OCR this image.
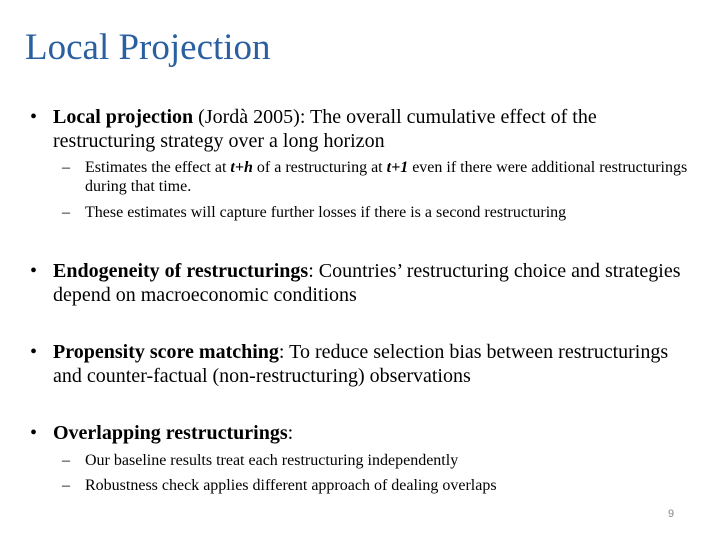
Local Projection
• Local projection (Jordà 2005): The overall cumulative effect of the restructuring strategy over a long horizon
– Estimates the effect at t+h of a restructuring at t+1 even if there were additional restructurings during that time.
– These estimates will capture further losses if there is a second restructuring
• Endogeneity of restructurings: Countries’ restructuring choice and strategies depend on macroeconomic conditions
• Propensity score matching: To reduce selection bias between restructurings and counter-factual (non-restructuring) observations
• Overlapping restructurings:
– Our baseline results treat each restructuring independently
– Robustness check applies different approach of dealing overlaps
9
